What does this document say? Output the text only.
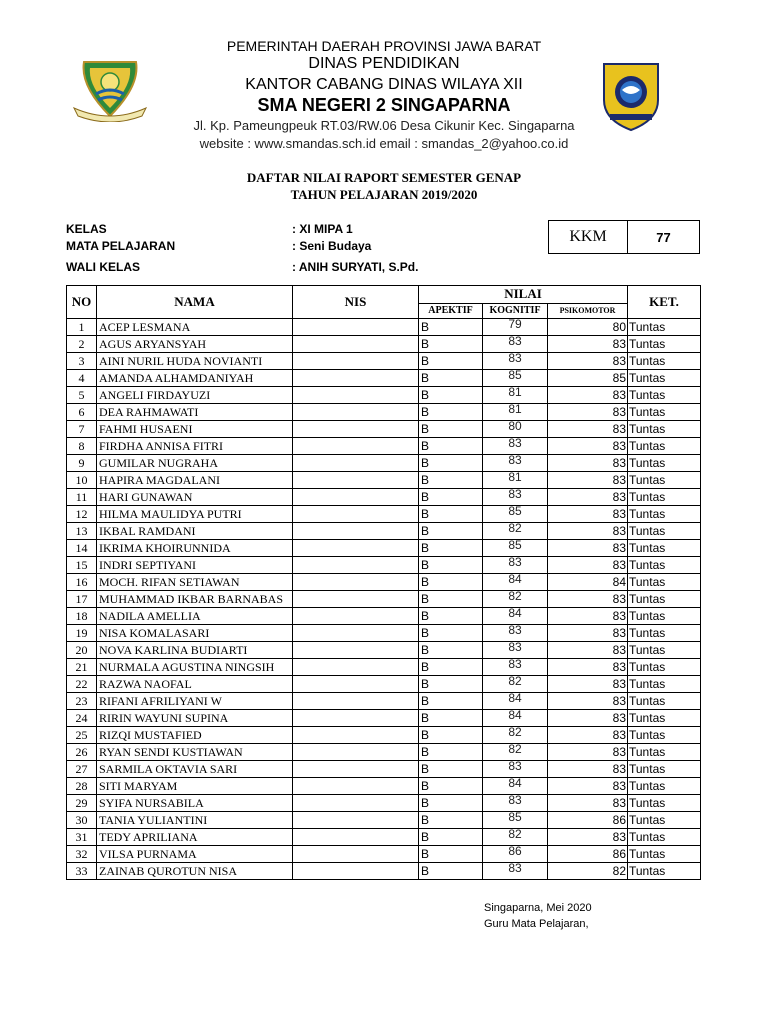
PEMERINTAH DAERAH PROVINSI JAWA BARAT
DINAS PENDIDIKAN
KANTOR CABANG DINAS WILAYA XII
SMA NEGERI 2 SINGAPARNA
Jl. Kp. Pameungpeuk RT.03/RW.06 Desa Cikunir Kec. Singaparna
website : www.smandas.sch.id email : smandas_2@yahoo.co.id
DAFTAR NILAI RAPORT SEMESTER GENAP
TAHUN PELAJARAN 2019/2020
KELAS	: XI MIPA 1
MATA PELAJARAN	: Seni Budaya
WALI KELAS	: ANIH SURYATI, S.Pd.
KKM	77
NO	NAMA	NIS	NILAI			KET.
			APEKTIF	KOGNITIF	PSIKOMOTOR	
1	ACEP LESMANA		B	79	80	Tuntas
2	AGUS ARYANSYAH		B	83	83	Tuntas
3	AINI NURIL HUDA NOVIANTI		B	83	83	Tuntas
4	AMANDA ALHAMDANIYAH		B	85	85	Tuntas
5	ANGELI FIRDAYUZI		B	81	83	Tuntas
6	DEA RAHMAWATI		B	81	83	Tuntas
7	FAHMI HUSAENI		B	80	83	Tuntas
8	FIRDHA ANNISA FITRI		B	83	83	Tuntas
9	GUMILAR NUGRAHA		B	83	83	Tuntas
10	HAPIRA MAGDALANI		B	81	83	Tuntas
11	HARI GUNAWAN		B	83	83	Tuntas
12	HILMA MAULIDYA PUTRI		B	85	83	Tuntas
13	IKBAL RAMDANI		B	82	83	Tuntas
14	IKRIMA KHOIRUNNIDA		B	85	83	Tuntas
15	INDRI SEPTIYANI		B	83	83	Tuntas
16	MOCH. RIFAN SETIAWAN		B	84	84	Tuntas
17	MUHAMMAD IKBAR BARNABAS		B	82	83	Tuntas
18	NADILA AMELLIA		B	84	83	Tuntas
19	NISA KOMALASARI		B	83	83	Tuntas
20	NOVA KARLINA BUDIARTI		B	83	83	Tuntas
21	NURMALA AGUSTINA NINGSIH		B	83	83	Tuntas
22	RAZWA NAOFAL		B	82	83	Tuntas
23	RIFANI AFRILIYANI W		B	84	83	Tuntas
24	RIRIN WAYUNI SUPINA		B	84	83	Tuntas
25	RIZQI MUSTAFIED		B	82	83	Tuntas
26	RYAN SENDI KUSTIAWAN		B	82	83	Tuntas
27	SARMILA OKTAVIA SARI		B	83	83	Tuntas
28	SITI MARYAM		B	84	83	Tuntas
29	SYIFA NURSABILA		B	83	83	Tuntas
30	TANIA YULIANTINI		B	85	86	Tuntas
31	TEDY APRILIANA		B	82	83	Tuntas
32	VILSA PURNAMA		B	86	86	Tuntas
33	ZAINAB QUROTUN NISA		B	83	82	Tuntas
Singaparna, Mei 2020
Guru Mata Pelajaran,
